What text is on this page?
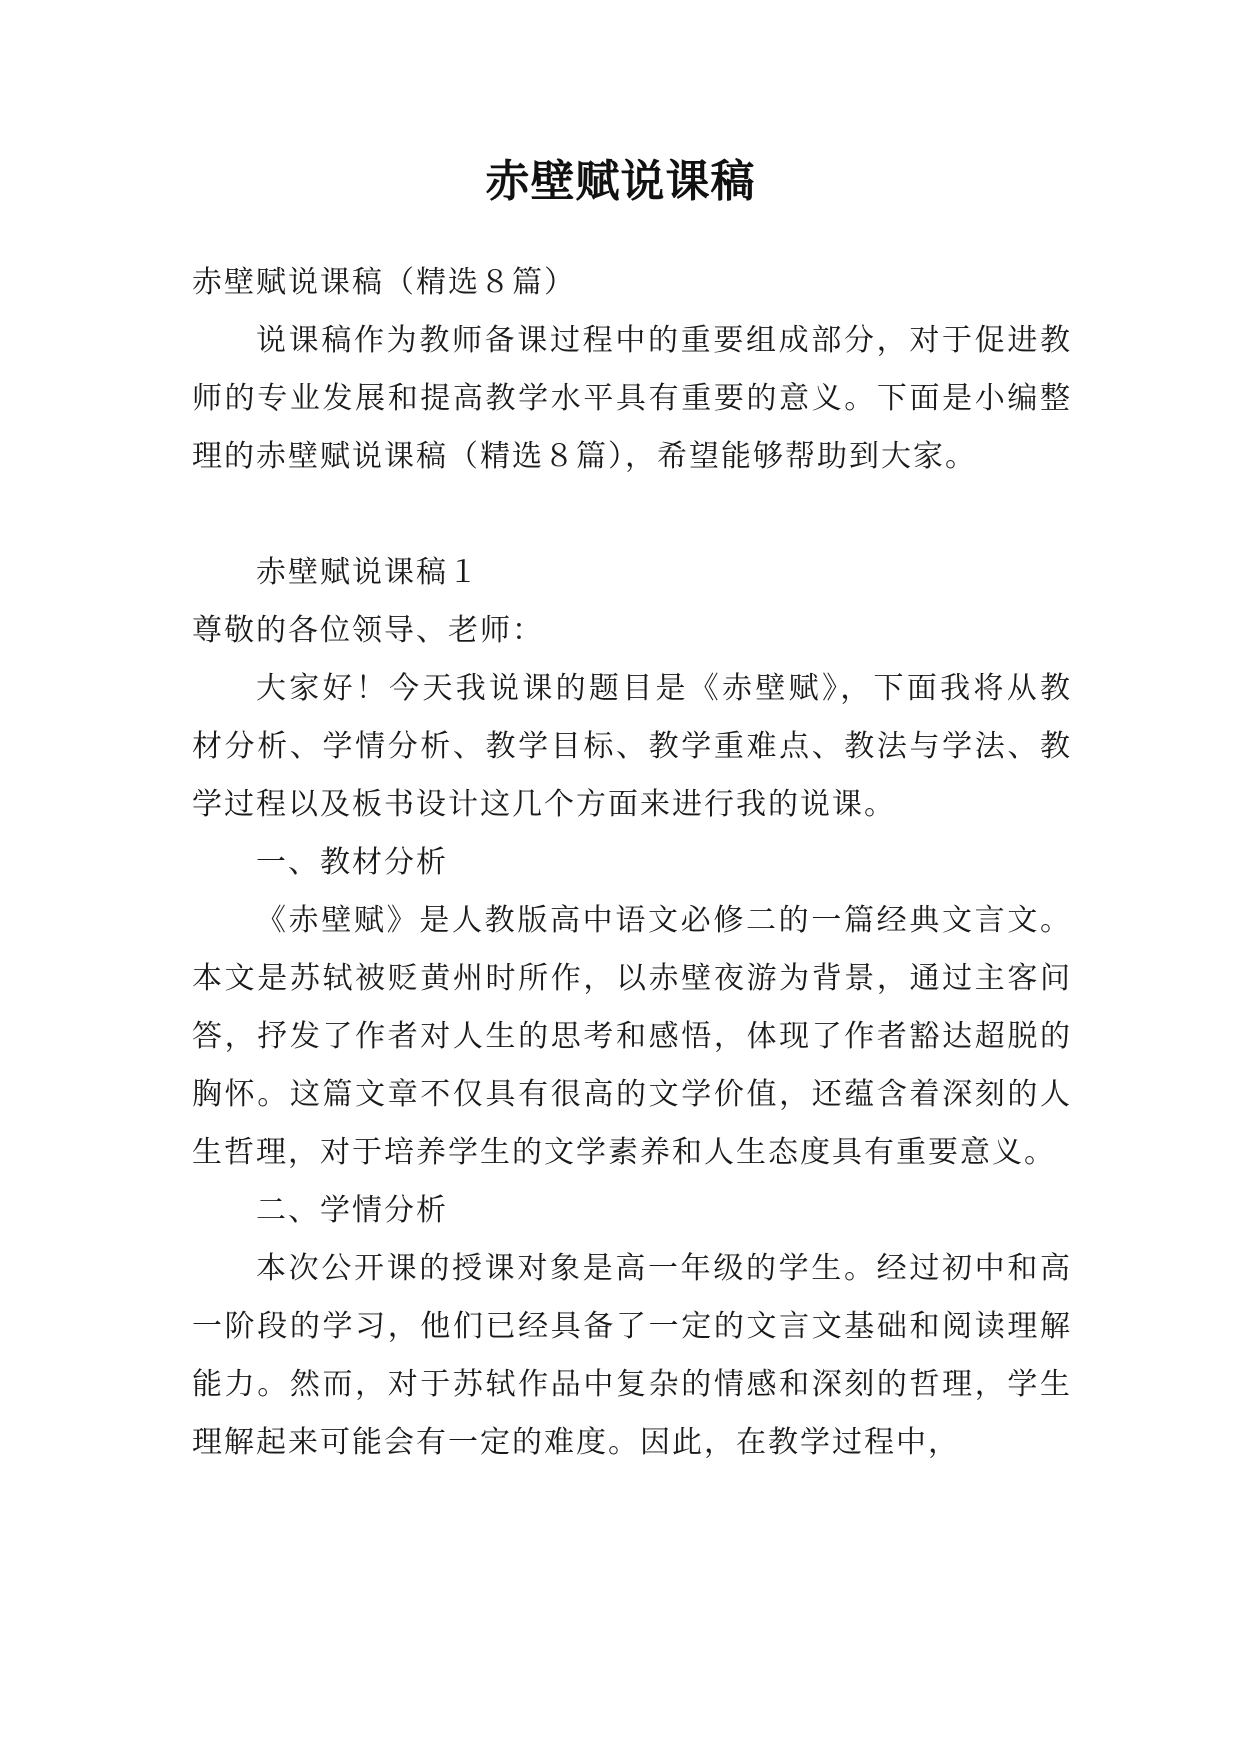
赤壁赋说课稿

赤壁赋说课稿（精选８篇）

说课稿作为教师备课过程中的重要组成部分，对于促进教师的专业发展和提高教学水平具有重要的意义。下面是小编整理的赤壁赋说课稿（精选８篇），希望能够帮助到大家。

赤壁赋说课稿１

尊敬的各位领导、老师：

大家好！今天我说课的题目是《赤壁赋》，下面我将从教材分析、学情分析、教学目标、教学重难点、教法与学法、教学过程以及板书设计这几个方面来进行我的说课。

一、教材分析

《赤壁赋》是人教版高中语文必修二的一篇经典文言文。本文是苏轼被贬黄州时所作，以赤壁夜游为背景，通过主客问答，抒发了作者对人生的思考和感悟，体现了作者豁达超脱的胸怀。这篇文章不仅具有很高的文学价值，还蕴含着深刻的人生哲理，对于培养学生的文学素养和人生态度具有重要意义。

二、学情分析

本次公开课的授课对象是高一年级的学生。经过初中和高一阶段的学习，他们已经具备了一定的文言文基础和阅读理解能力。然而，对于苏轼作品中复杂的情感和深刻的哲理，学生理解起来可能会有一定的难度。因此，在教学过程中，
